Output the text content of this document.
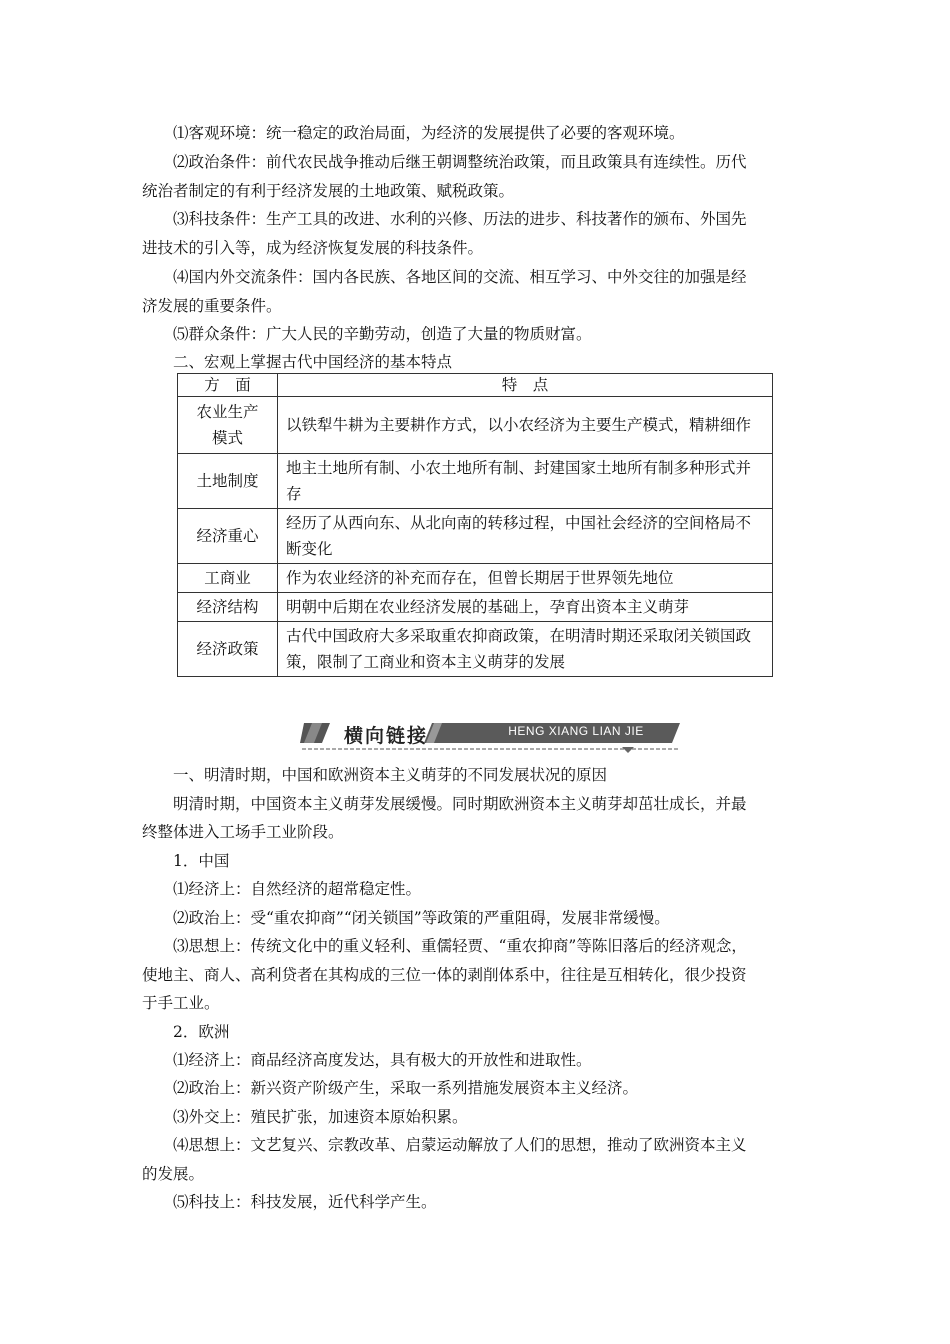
⑴客观环境：统一稳定的政治局面，为经济的发展提供了必要的客观环境。
⑵政治条件：前代农民战争推动后继王朝调整统治政策，而且政策具有连续性。历代
统治者制定的有利于经济发展的土地政策、赋税政策。
⑶科技条件：生产工具的改进、水利的兴修、历法的进步、科技著作的颁布、外国先
进技术的引入等，成为经济恢复发展的科技条件。
⑷国内外交流条件：国内各民族、各地区间的交流、相互学习、中外交往的加强是经
济发展的重要条件。
⑸群众条件：广大人民的辛勤劳动，创造了大量的物质财富。
二、宏观上掌握古代中国经济的基本特点
方　面	特　点
农业生产模式	以铁犁牛耕为主要耕作方式，以小农经济为主要生产模式，精耕细作
土地制度	地主土地所有制、小农土地所有制、封建国家土地所有制多种形式并存
经济重心	经历了从西向东、从北向南的转移过程，中国社会经济的空间格局不断变化
工商业	作为农业经济的补充而存在，但曾长期居于世界领先地位
经济结构	明朝中后期在农业经济发展的基础上，孕育出资本主义萌芽
经济政策	古代中国政府大多采取重农抑商政策，在明清时期还采取闭关锁国政策，限制了工商业和资本主义萌芽的发展
横向链接	HENG XIANG LIAN JIE
一、明清时期，中国和欧洲资本主义萌芽的不同发展状况的原因
明清时期，中国资本主义萌芽发展缓慢。同时期欧洲资本主义萌芽却茁壮成长，并最
终整体进入工场手工业阶段。
1．中国
⑴经济上：自然经济的超常稳定性。
⑵政治上：受“重农抑商”“闭关锁国”等政策的严重阻碍，发展非常缓慢。
⑶思想上：传统文化中的重义轻利、重儒轻贾、“重农抑商”等陈旧落后的经济观念，
使地主、商人、高利贷者在其构成的三位一体的剥削体系中，往往是互相转化，很少投资
于手工业。
2．欧洲
⑴经济上：商品经济高度发达，具有极大的开放性和进取性。
⑵政治上：新兴资产阶级产生，采取一系列措施发展资本主义经济。
⑶外交上：殖民扩张，加速资本原始积累。
⑷思想上：文艺复兴、宗教改革、启蒙运动解放了人们的思想，推动了欧洲资本主义
的发展。
⑸科技上：科技发展，近代科学产生。
